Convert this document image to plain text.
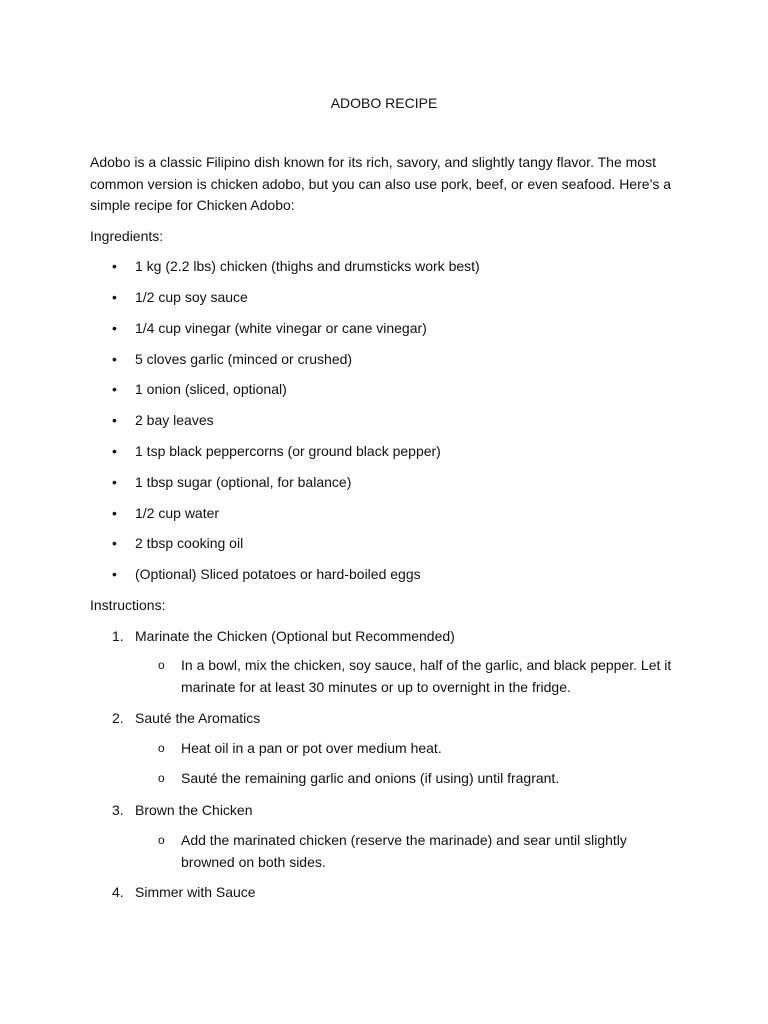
ADOBO RECIPE
Adobo is a classic Filipino dish known for its rich, savory, and slightly tangy flavor. The most common version is chicken adobo, but you can also use pork, beef, or even seafood. Here’s a simple recipe for Chicken Adobo:
Ingredients:
•	1 kg (2.2 lbs) chicken (thighs and drumsticks work best)
•	1/2 cup soy sauce
•	1/4 cup vinegar (white vinegar or cane vinegar)
•	5 cloves garlic (minced or crushed)
•	1 onion (sliced, optional)
•	2 bay leaves
•	1 tsp black peppercorns (or ground black pepper)
•	1 tbsp sugar (optional, for balance)
•	1/2 cup water
•	2 tbsp cooking oil
•	(Optional) Sliced potatoes or hard-boiled eggs
Instructions:
1. Marinate the Chicken (Optional but Recommended)
o In a bowl, mix the chicken, soy sauce, half of the garlic, and black pepper. Let it marinate for at least 30 minutes or up to overnight in the fridge.
2. Sauté the Aromatics
o Heat oil in a pan or pot over medium heat.
o Sauté the remaining garlic and onions (if using) until fragrant.
3. Brown the Chicken
o Add the marinated chicken (reserve the marinade) and sear until slightly browned on both sides.
4. Simmer with Sauce
